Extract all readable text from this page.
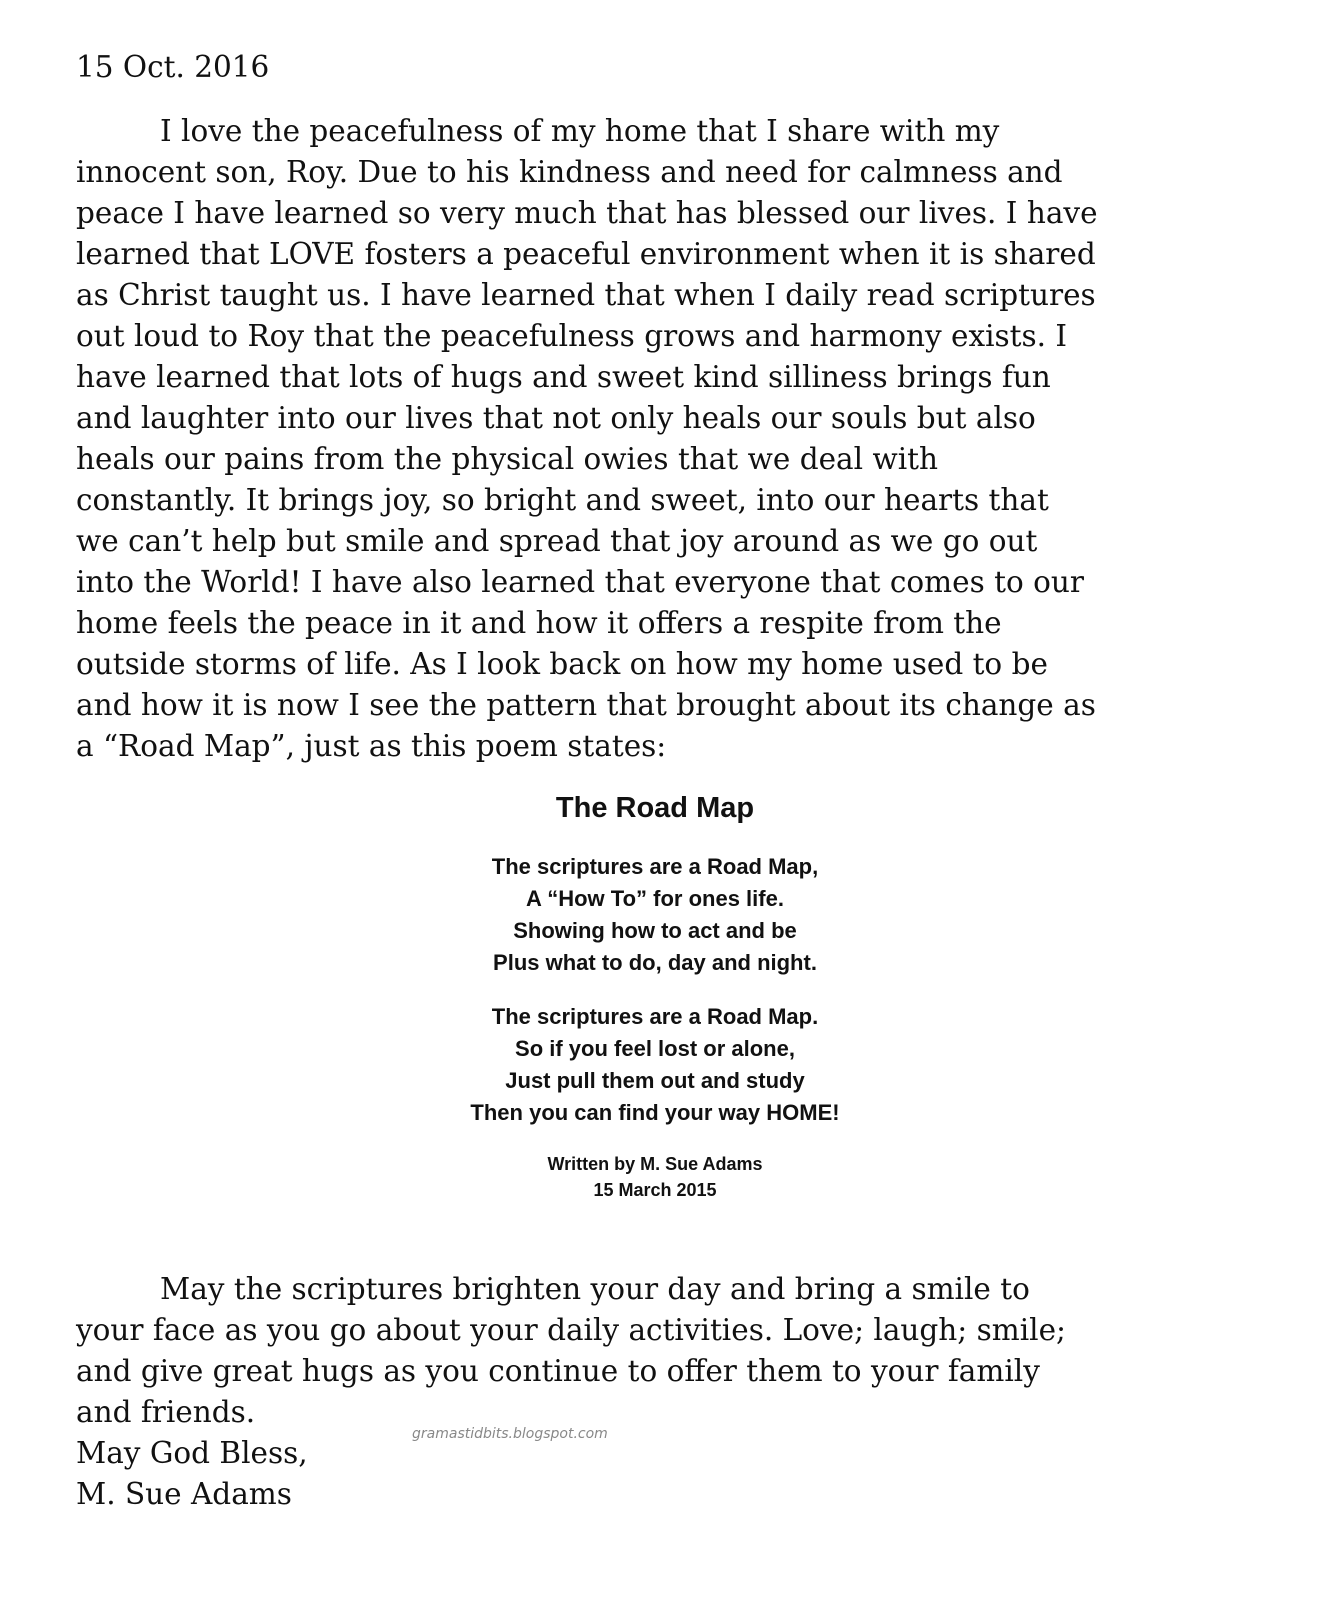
15 Oct. 2016
I love the peacefulness of my home that I share with my
innocent son, Roy. Due to his kindness and need for calmness and
peace I have learned so very much that has blessed our lives. I have
learned that LOVE fosters a peaceful environment when it is shared
as Christ taught us. I have learned that when I daily read scriptures
out loud to Roy that the peacefulness grows and harmony exists. I
have learned that lots of hugs and sweet kind silliness brings fun
and laughter into our lives that not only heals our souls but also
heals our pains from the physical owies that we deal with
constantly. It brings joy, so bright and sweet, into our hearts that
we can’t help but smile and spread that joy around as we go out
into the World! I have also learned that everyone that comes to our
home feels the peace in it and how it offers a respite from the
outside storms of life. As I look back on how my home used to be
and how it is now I see the pattern that brought about its change as
a “Road Map”, just as this poem states:
The Road Map
The scriptures are a Road Map,
A “How To” for ones life.
Showing how to act and be
Plus what to do, day and night.
The scriptures are a Road Map.
So if you feel lost or alone,
Just pull them out and study
Then you can find your way HOME!
Written by M. Sue Adams
15 March 2015
May the scriptures brighten your day and bring a smile to
your face as you go about your daily activities. Love; laugh; smile;
and give great hugs as you continue to offer them to your family
and friends.
May God Bless,
M. Sue Adams
gramastidbits.blogspot.com
